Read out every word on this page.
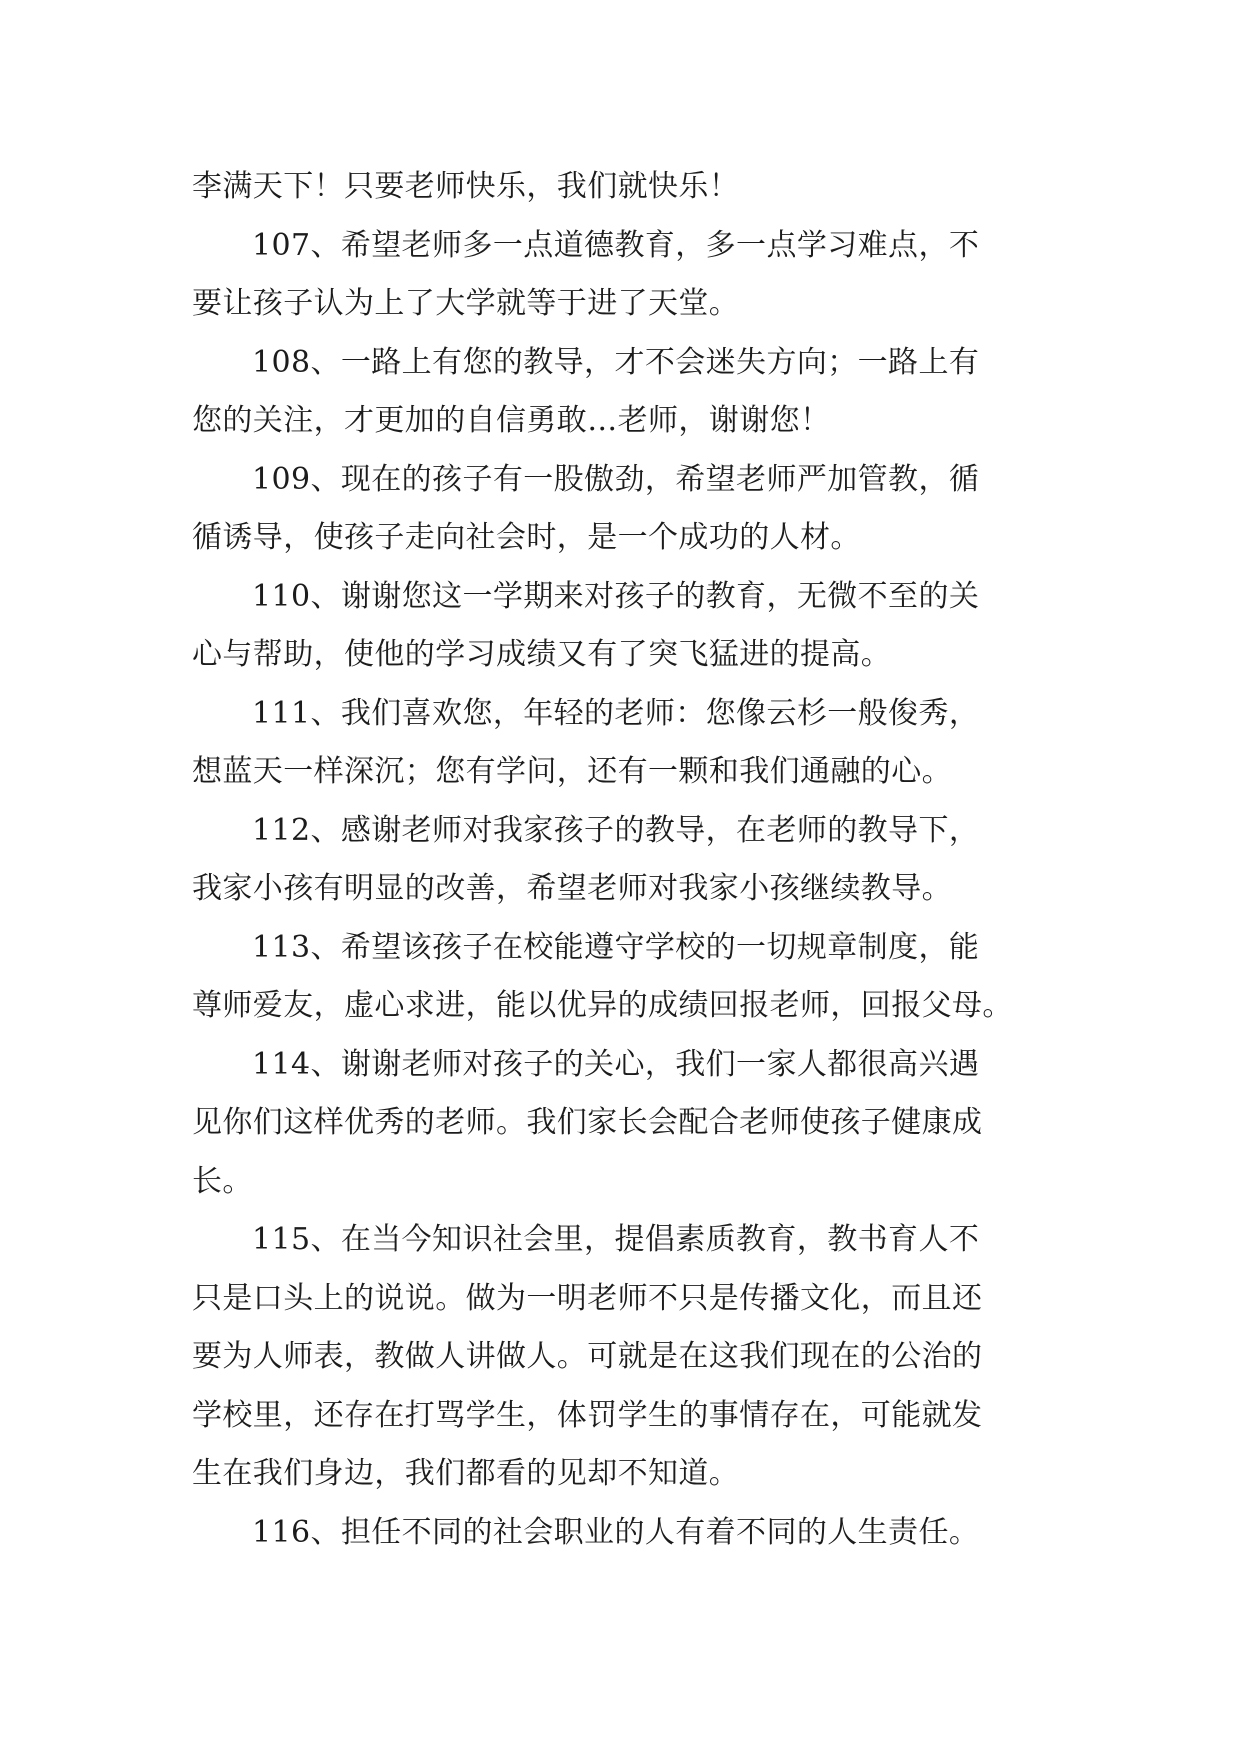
李满天下！只要老师快乐，我们就快乐！
107、希望老师多一点道德教育，多一点学习难点，不
要让孩子认为上了大学就等于进了天堂。
108、一路上有您的教导，才不会迷失方向；一路上有
您的关注，才更加的自信勇敢…老师，谢谢您！
109、现在的孩子有一股傲劲，希望老师严加管教，循
循诱导，使孩子走向社会时，是一个成功的人材。
110、谢谢您这一学期来对孩子的教育，无微不至的关
心与帮助，使他的学习成绩又有了突飞猛进的提高。
111、我们喜欢您，年轻的老师：您像云杉一般俊秀，
想蓝天一样深沉；您有学问，还有一颗和我们通融的心。
112、感谢老师对我家孩子的教导，在老师的教导下，
我家小孩有明显的改善，希望老师对我家小孩继续教导。
113、希望该孩子在校能遵守学校的一切规章制度，能
尊师爱友，虚心求进，能以优异的成绩回报老师，回报父母。
114、谢谢老师对孩子的关心，我们一家人都很高兴遇
见你们这样优秀的老师。我们家长会配合老师使孩子健康成
长。
115、在当今知识社会里，提倡素质教育，教书育人不
只是口头上的说说。做为一明老师不只是传播文化，而且还
要为人师表，教做人讲做人。可就是在这我们现在的公治的
学校里，还存在打骂学生，体罚学生的事情存在，可能就发
生在我们身边，我们都看的见却不知道。
116、担任不同的社会职业的人有着不同的人生责任。
